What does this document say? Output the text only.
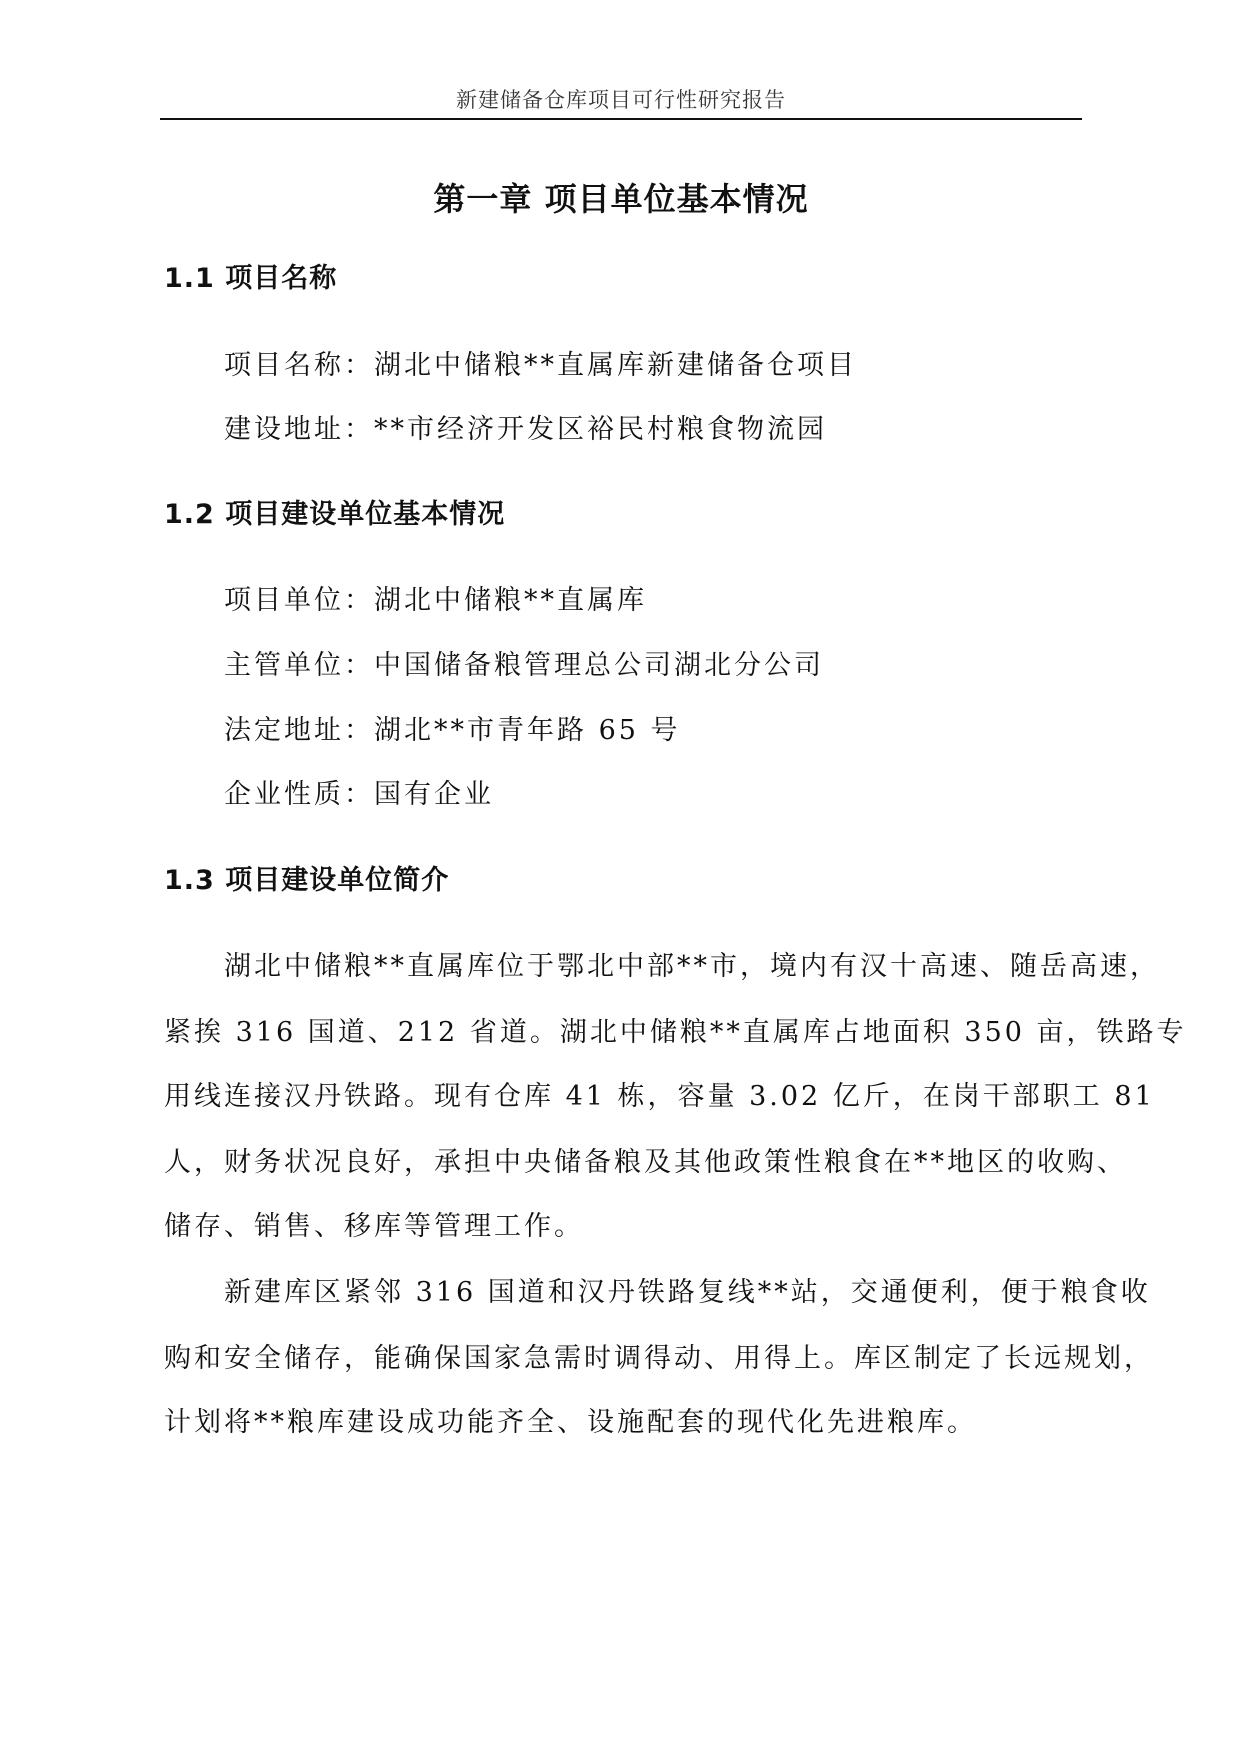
新建储备仓库项目可行性研究报告
第一章 项目单位基本情况
1.1 项目名称
项目名称：湖北中储粮**直属库新建储备仓项目
建设地址：**市经济开发区裕民村粮食物流园
1.2 项目建设单位基本情况
项目单位：湖北中储粮**直属库
主管单位：中国储备粮管理总公司湖北分公司
法定地址：湖北**市青年路 65 号
企业性质：国有企业
1.3 项目建设单位简介
湖北中储粮**直属库位于鄂北中部**市，境内有汉十高速、随岳高速，
紧挨 316 国道、212 省道。湖北中储粮**直属库占地面积 350 亩，铁路专
用线连接汉丹铁路。现有仓库 41 栋，容量 3.02 亿斤，在岗干部职工 81
人，财务状况良好，承担中央储备粮及其他政策性粮食在**地区的收购、
储存、销售、移库等管理工作。
新建库区紧邻 316 国道和汉丹铁路复线**站，交通便利，便于粮食收
购和安全储存，能确保国家急需时调得动、用得上。库区制定了长远规划，
计划将**粮库建设成功能齐全、设施配套的现代化先进粮库。
